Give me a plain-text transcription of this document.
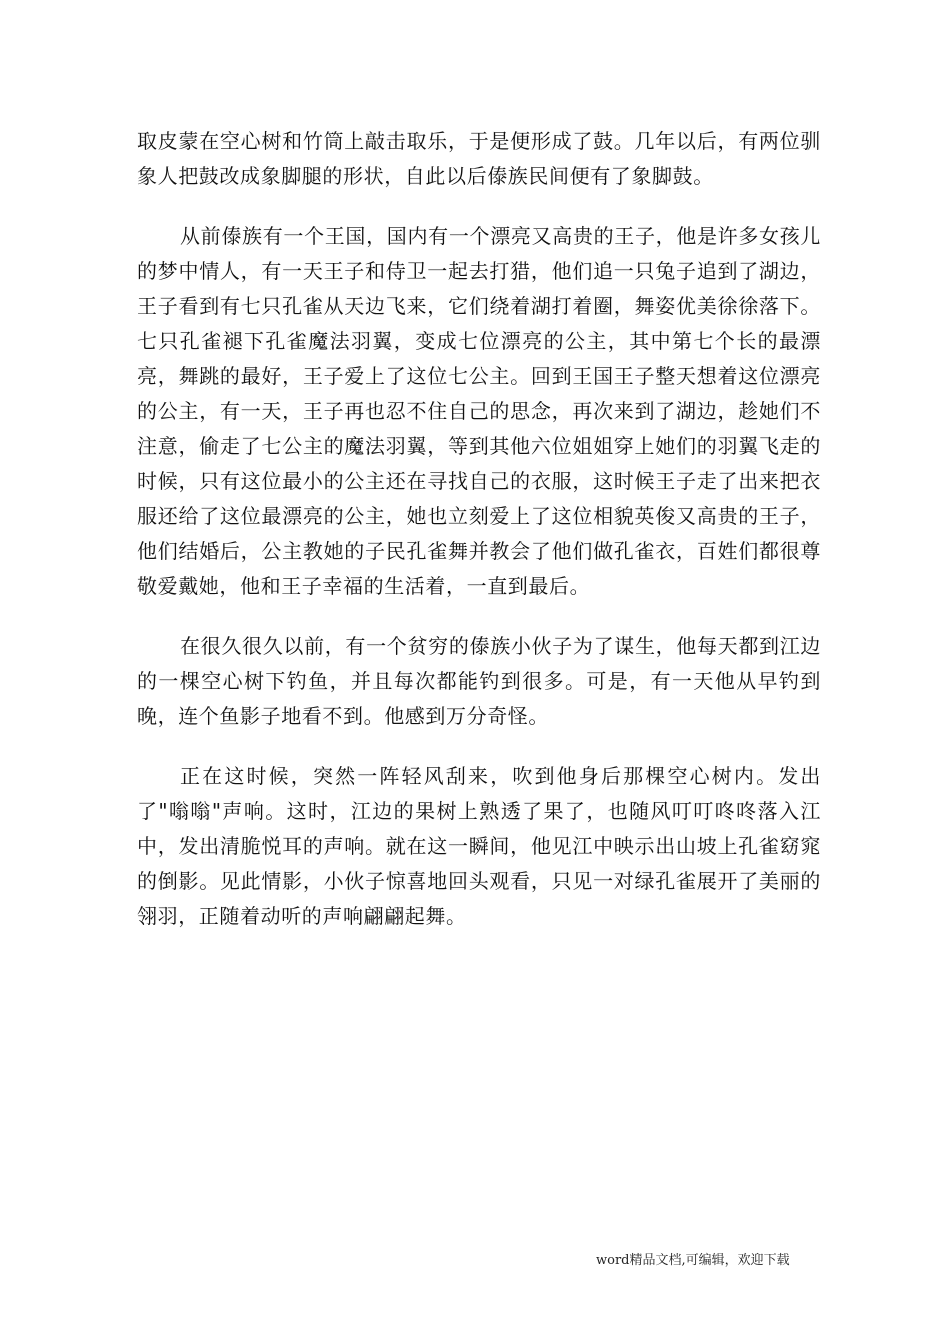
取皮蒙在空心树和竹筒上敲击取乐，于是便形成了鼓。几年以后，有两位驯象人把鼓改成象脚腿的形状，自此以后傣族民间便有了象脚鼓。

从前傣族有一个王国，国内有一个漂亮又高贵的王子，他是许多女孩儿的梦中情人，有一天王子和侍卫一起去打猎，他们追一只兔子追到了湖边，王子看到有七只孔雀从天边飞来，它们绕着湖打着圈，舞姿优美徐徐落下。七只孔雀褪下孔雀魔法羽翼，变成七位漂亮的公主，其中第七个长的最漂亮，舞跳的最好，王子爱上了这位七公主。回到王国王子整天想着这位漂亮的公主，有一天，王子再也忍不住自己的思念，再次来到了湖边，趁她们不注意，偷走了七公主的魔法羽翼，等到其他六位姐姐穿上她们的羽翼飞走的时候，只有这位最小的公主还在寻找自己的衣服，这时候王子走了出来把衣服还给了这位最漂亮的公主，她也立刻爱上了这位相貌英俊又高贵的王子，他们结婚后，公主教她的子民孔雀舞并教会了他们做孔雀衣，百姓们都很尊敬爱戴她，他和王子幸福的生活着，一直到最后。

在很久很久以前，有一个贫穷的傣族小伙子为了谋生，他每天都到江边的一棵空心树下钓鱼，并且每次都能钓到很多。可是，有一天他从早钓到晚，连个鱼影子地看不到。他感到万分奇怪。

正在这时候，突然一阵轻风刮来，吹到他身后那棵空心树内。发出了"嗡嗡"声响。这时，江边的果树上熟透了果了，也随风叮叮咚咚落入江中，发出清脆悦耳的声响。就在这一瞬间，他见江中映示出山坡上孔雀窈窕的倒影。见此情影，小伙子惊喜地回头观看，只见一对绿孔雀展开了美丽的翎羽，正随着动听的声响翩翩起舞。

word精品文档,可编辑，欢迎下载
